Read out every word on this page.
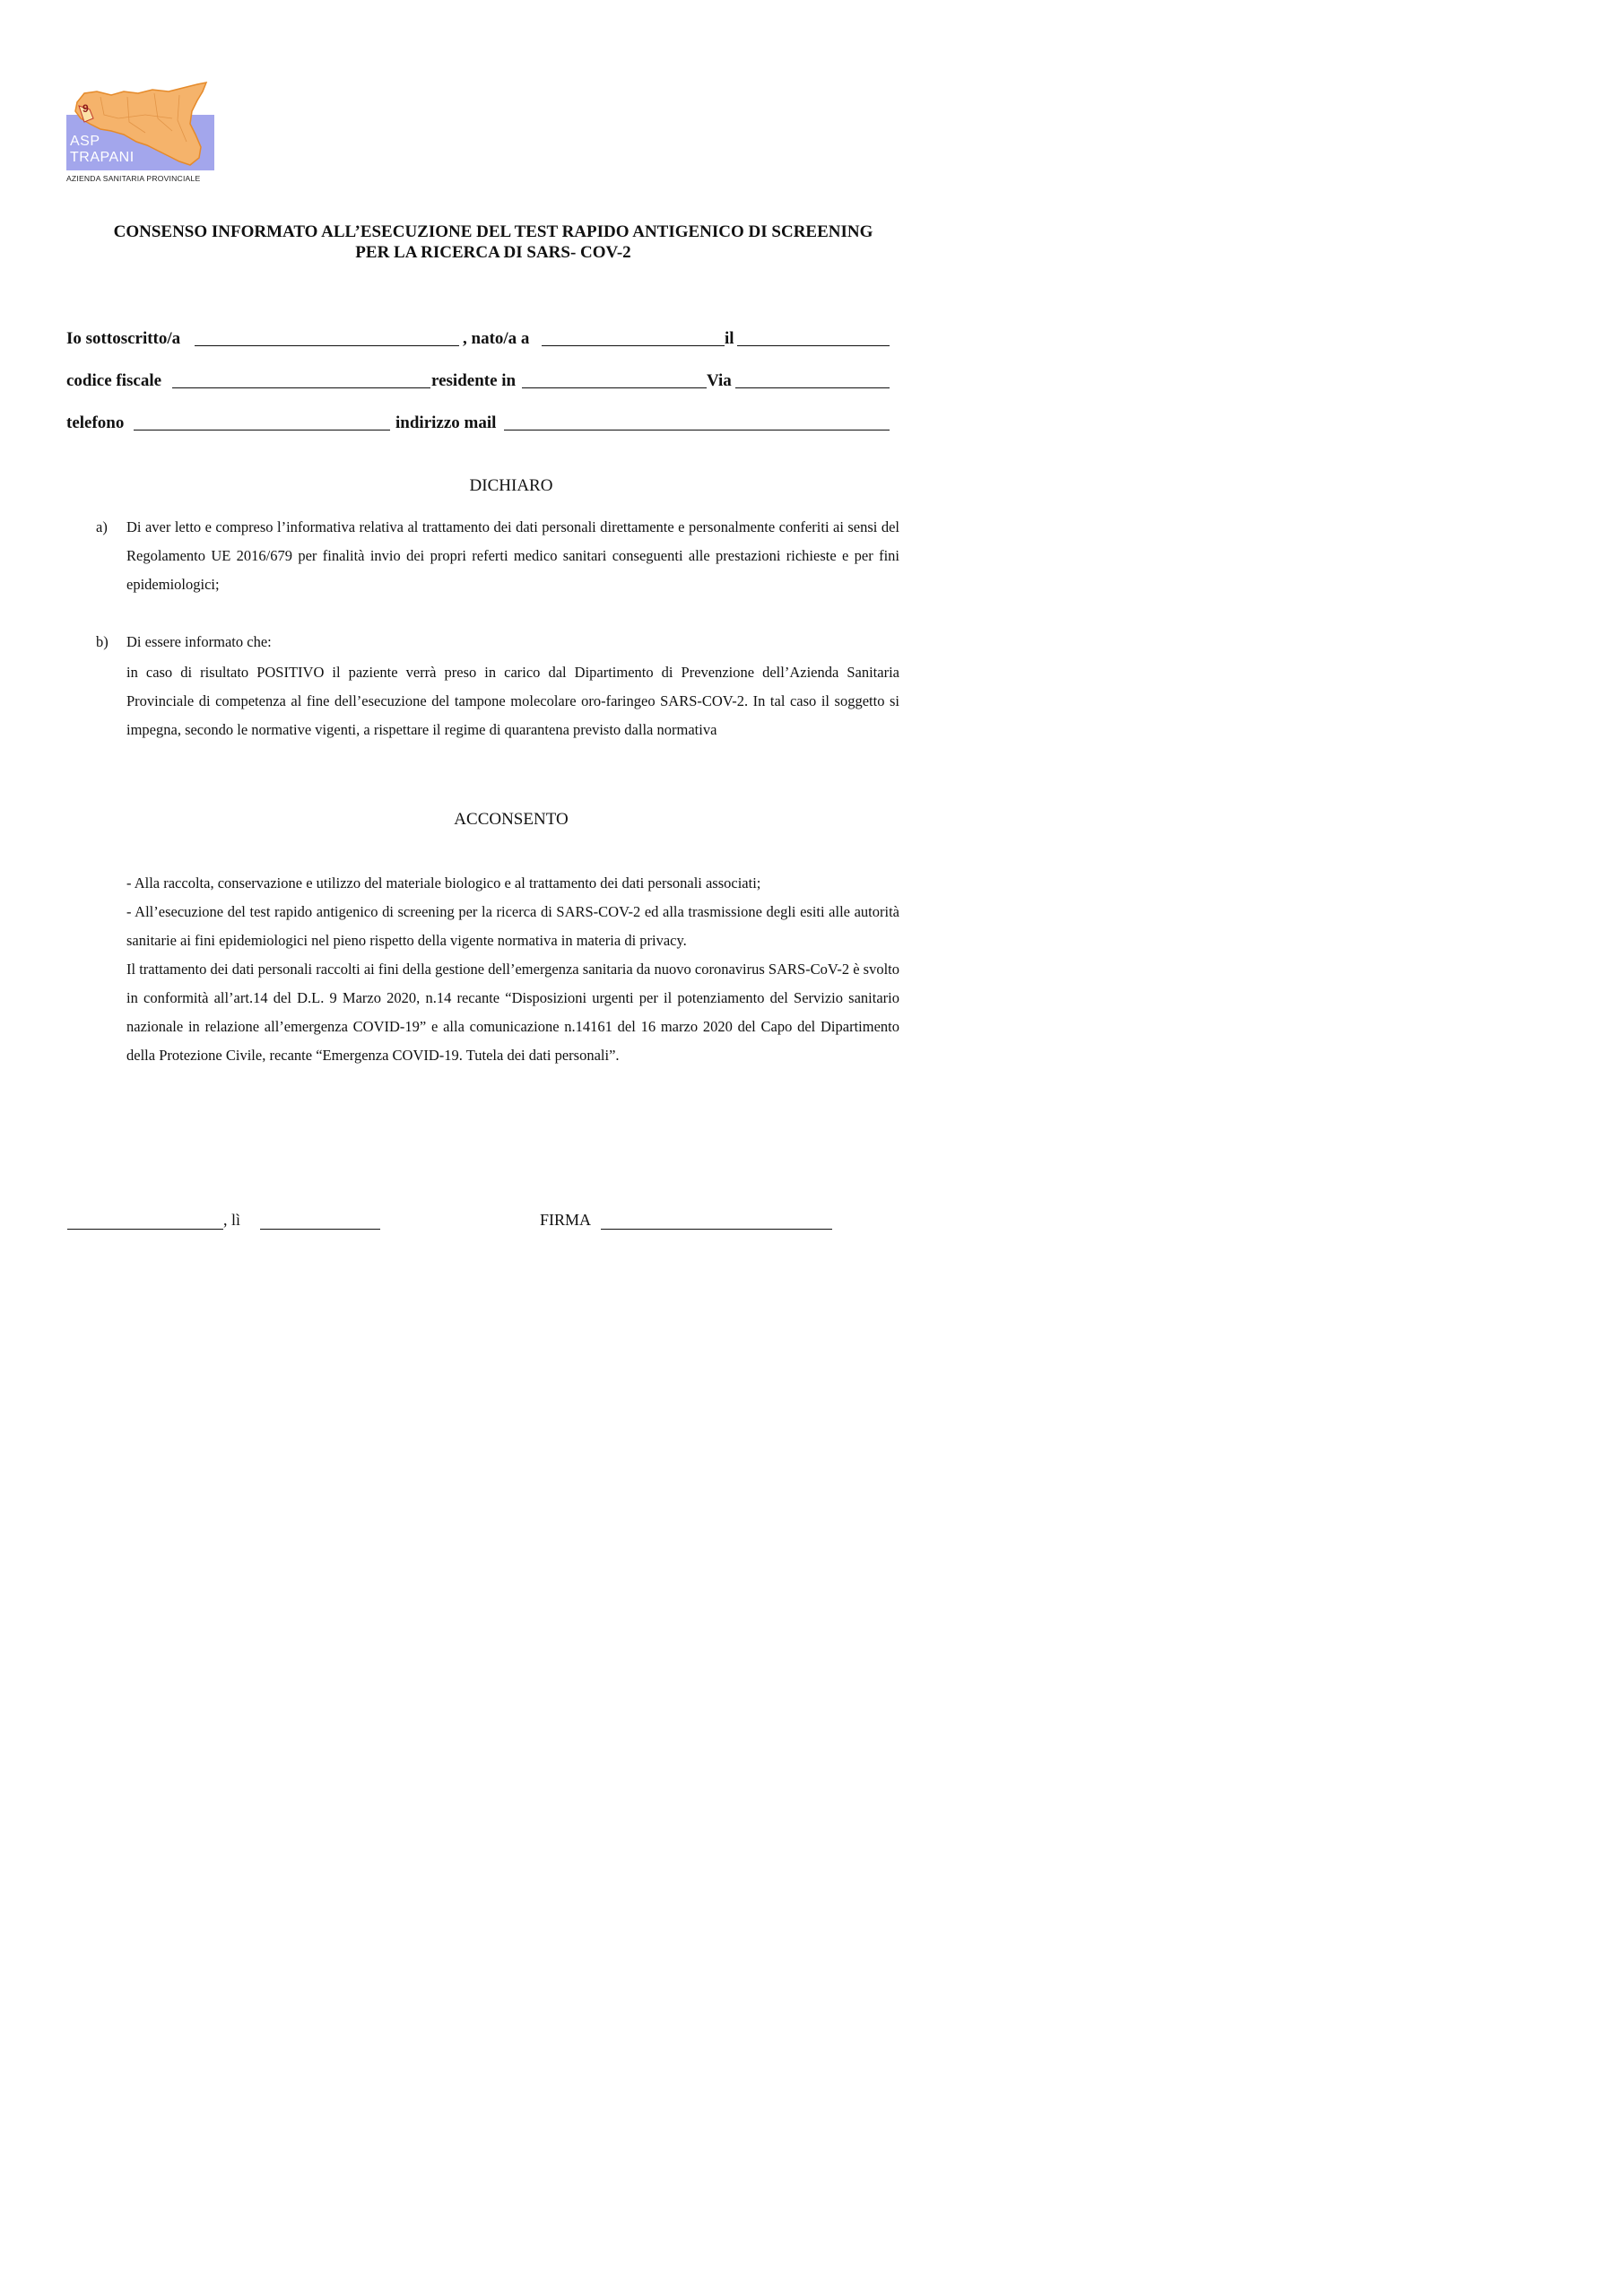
9
ASP
TRAPANI
AZIENDA SANITARIA PROVINCIALE
CONSENSO INFORMATO ALL’ESECUZIONE DEL TEST RAPIDO ANTIGENICO DI SCREENING
PER LA RICERCA DI SARS- COV-2
Io sottoscritto/a	, nato/a a	il
codice fiscale	residente in	Via
telefono	indirizzo mail
DICHIARO
a) Di aver letto e compreso l’informativa relativa al trattamento dei dati personali direttamente e personalmente conferiti ai sensi del Regolamento UE 2016/679 per finalità invio dei propri referti medico sanitari conseguenti alle prestazioni richieste e per fini epidemiologici;
b) Di essere informato che:
in caso di risultato POSITIVO il paziente verrà preso in carico dal Dipartimento di Prevenzione dell’Azienda Sanitaria Provinciale di competenza al fine dell’esecuzione del tampone molecolare oro-faringeo SARS-COV-2. In tal caso il soggetto si impegna, secondo le normative vigenti, a rispettare il regime di quarantena previsto dalla normativa
ACCONSENTO
- Alla raccolta, conservazione e utilizzo del materiale biologico e al trattamento dei dati personali associati;
- All’esecuzione del test rapido antigenico di screening per la ricerca di SARS-COV-2 ed alla trasmissione degli esiti alle autorità sanitarie ai fini epidemiologici nel pieno rispetto della vigente normativa in materia di privacy.
Il trattamento dei dati personali raccolti ai fini della gestione dell’emergenza sanitaria da nuovo coronavirus SARS-CoV-2 è svolto in conformità all’art.14 del D.L. 9 Marzo 2020, n.14 recante “Disposizioni urgenti per il potenziamento del Servizio sanitario nazionale in relazione all’emergenza COVID-19” e alla comunicazione n.14161 del 16 marzo 2020 del Capo del Dipartimento della Protezione Civile, recante “Emergenza COVID-19. Tutela dei dati personali”.
, lì	FIRMA
